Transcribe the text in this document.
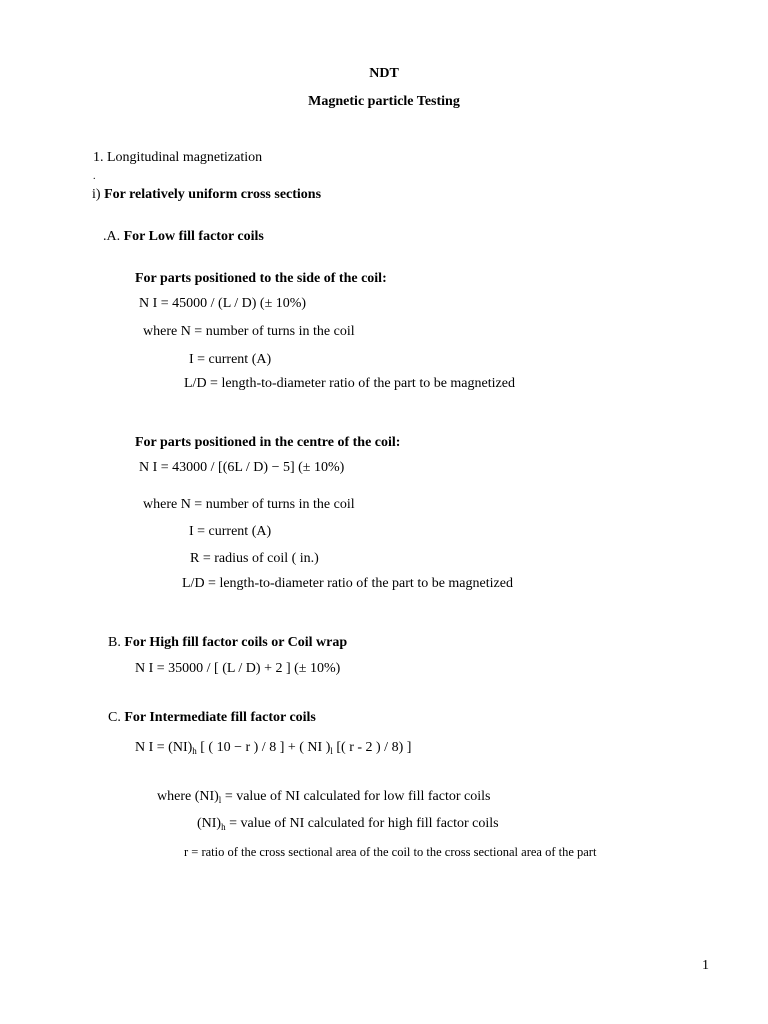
NDT
Magnetic particle Testing
1. Longitudinal magnetization
.
i) For relatively uniform cross sections
.A. For Low fill factor coils
For parts positioned to the side of the coil:
N I = 45000 / (L / D) (± 10%)
where N = number of turns in the coil
I = current (A)
L/D = length-to-diameter ratio of the part to be magnetized
For parts positioned in the centre of the coil:
N I = 43000 / [(6L / D) − 5] (± 10%)
where N = number of turns in the coil
I = current (A)
R = radius of coil ( in.)
L/D = length-to-diameter ratio of the part to be magnetized
B. For High fill factor coils or Coil wrap
N I = 35000 / [ (L / D) + 2 ] (± 10%)
C. For Intermediate fill factor coils
N $I = (NI)_h$ [ ( 10 − r ) / 8 ] + ( NI )$_l$ [( r - 2 ) / 8) ]
where $(NI)_l$ = value of NI calculated for low fill factor coils
$(NI)_h$ = value of NI calculated for high fill factor coils
r = ratio of the cross sectional area of the coil to the cross sectional area of the part
1
